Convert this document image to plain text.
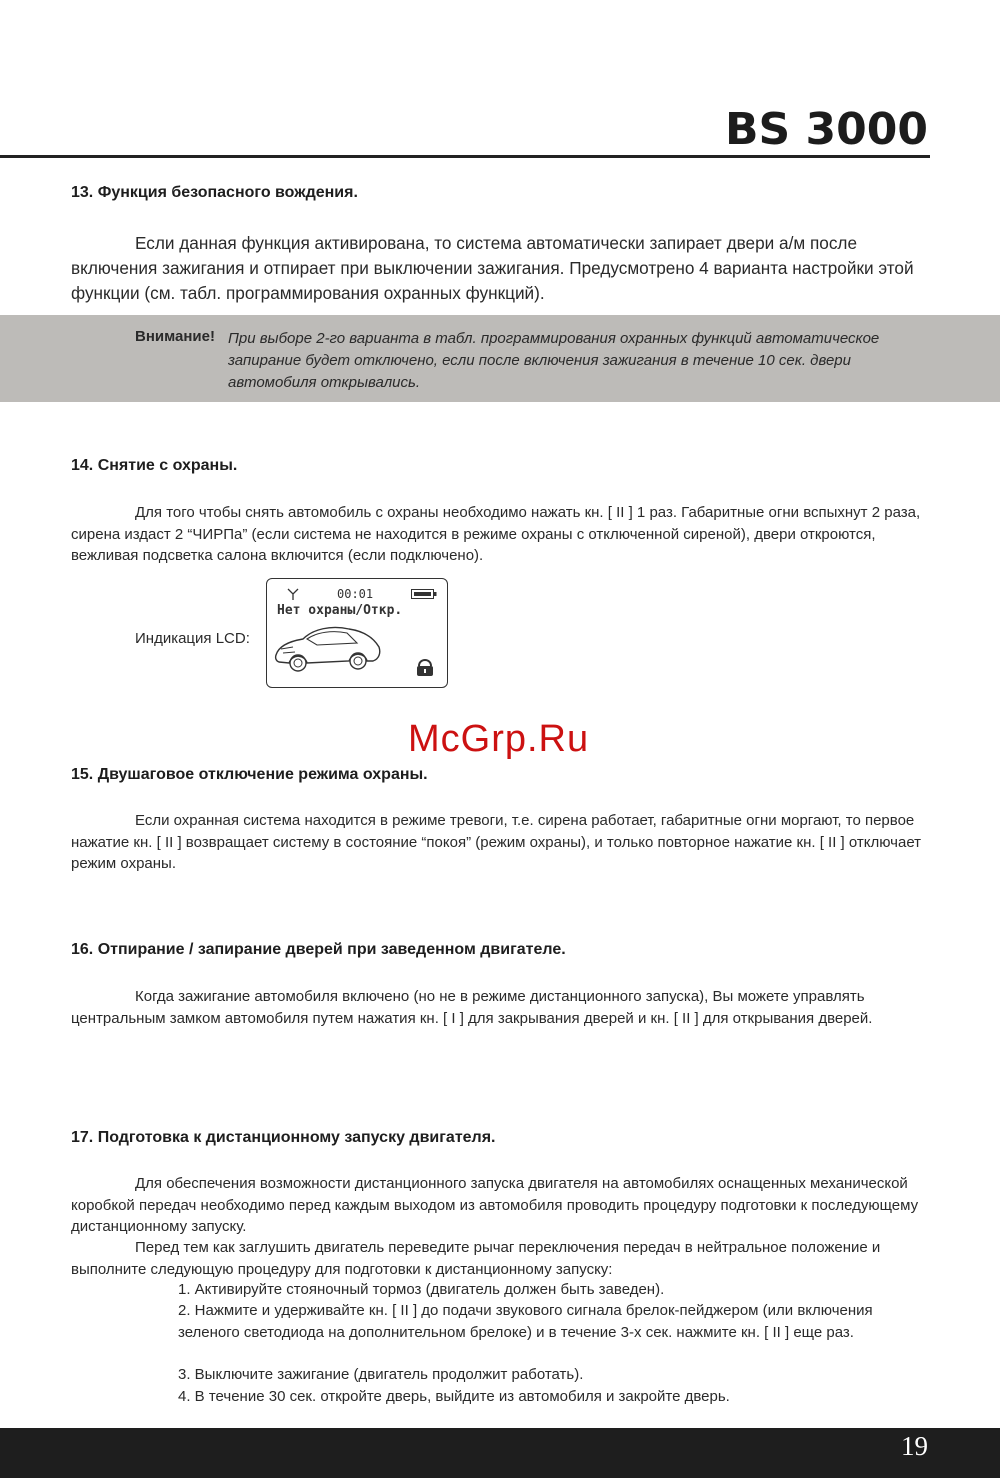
BS 3000
13. Функция безопасного вождения.

Если данная функция активирована, то система автоматически запирает двери а/м после включения зажигания и отпирает при выключении зажигания. Предусмотрено 4 варианта настройки этой функции (см. табл. программирования охранных функций).

Внимание! При выборе 2-го варианта в табл. программирования охранных функций автоматическое запирание будет отключено, если после включения зажигания в течение 10 сек. двери автомобиля открывались.
14. Снятие с охраны.

Для того чтобы снять автомобиль с охраны необходимо нажать кн. [ II ] 1 раз. Габаритные огни вспыхнут 2 раза, сирена издаст 2 “ЧИРПа” (если система не находится в режиме охраны с отключенной сиреной), двери откроются, вежливая подсветка салона включится (если подключено).

Индикация LCD:
00:01
Нет охраны/Откр.
McGrp.Ru
15. Двушаговое отключение режима охраны.

Если охранная система находится в режиме тревоги, т.е. сирена работает, габаритные огни моргают, то первое нажатие кн. [ II ] возвращает систему в состояние “покоя” (режим охраны), и только повторное нажатие кн. [ II ] отключает режим охраны.

16. Отпирание / запирание дверей при заведенном двигателе.

Когда зажигание автомобиля включено (но не в режиме дистанционного запуска), Вы можете управлять центральным замком автомобиля путем нажатия кн. [ I ] для закрывания дверей и кн. [ II ] для открывания дверей.

17. Подготовка к дистанционному запуску двигателя.

Для обеспечения возможности дистанционного запуска двигателя на автомобилях оснащенных механической коробкой передач необходимо перед каждым выходом из автомобиля проводить процедуру подготовки к последующему дистанционному запуску.

Перед тем как заглушить двигатель переведите рычаг переключения передач в нейтральное положение и выполните следующую процедуру для подготовки к дистанционному запуску:

1. Активируйте стояночный тормоз (двигатель должен быть заведен).

2. Нажмите и удерживайте кн. [ II ] до подачи звукового сигнала брелок-пейджером (или включения зеленого светодиода на дополнительном брелоке) и в течение 3-х сек. нажмите кн. [ II ] еще раз.

3. Выключите зажигание (двигатель продолжит работать).

4. В течение 30 сек. откройте дверь, выйдите из автомобиля и закройте дверь.

19
